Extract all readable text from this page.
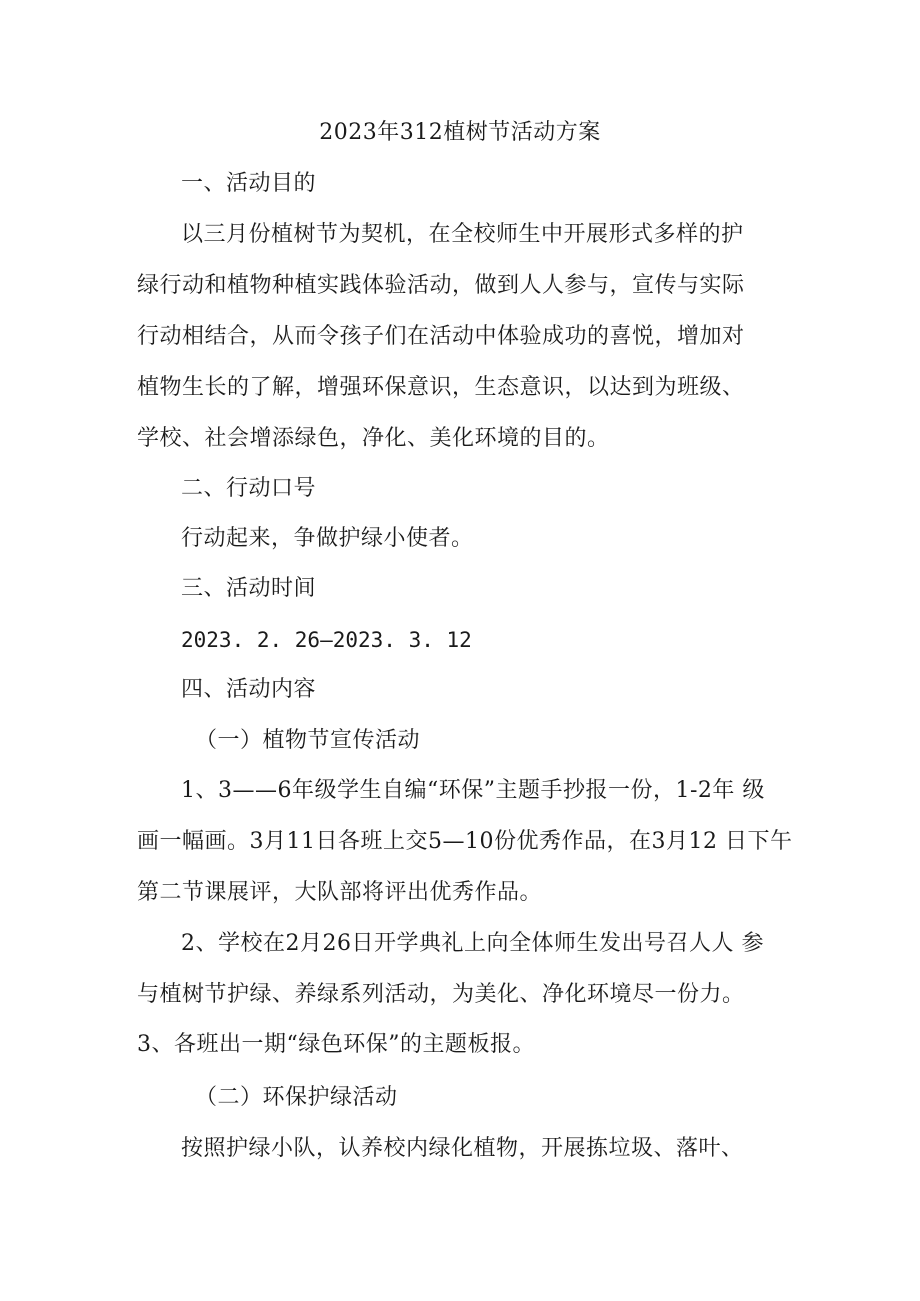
2023年312植树节活动方案
一、活动目的
以三月份植树节为契机，在全校师生中开展形式多样的护
绿行动和植物种植实践体验活动，做到人人参与，宣传与实际
行动相结合，从而令孩子们在活动中体验成功的喜悦，增加对
植物生长的了解，增强环保意识，生态意识，以达到为班级、
学校、社会增添绿色，净化、美化环境的目的。
二、行动口号
行动起来，争做护绿小使者。
三、活动时间
2023. 2. 26—2023. 3. 12
四、活动内容
（一）植物节宣传活动
1、3——6年级学生自编“环保”主题手抄报一份，1-2年 级
画一幅画。3月11日各班上交5—10份优秀作品，在3月12 日下午
第二节课展评，大队部将评出优秀作品。
2、学校在2月26日开学典礼上向全体师生发出号召人人 参
与植树节护绿、养绿系列活动，为美化、净化环境尽一份力。
3、各班出一期“绿色环保”的主题板报。
（二）环保护绿活动
按照护绿小队，认养校内绿化植物，开展拣垃圾、落叶、
